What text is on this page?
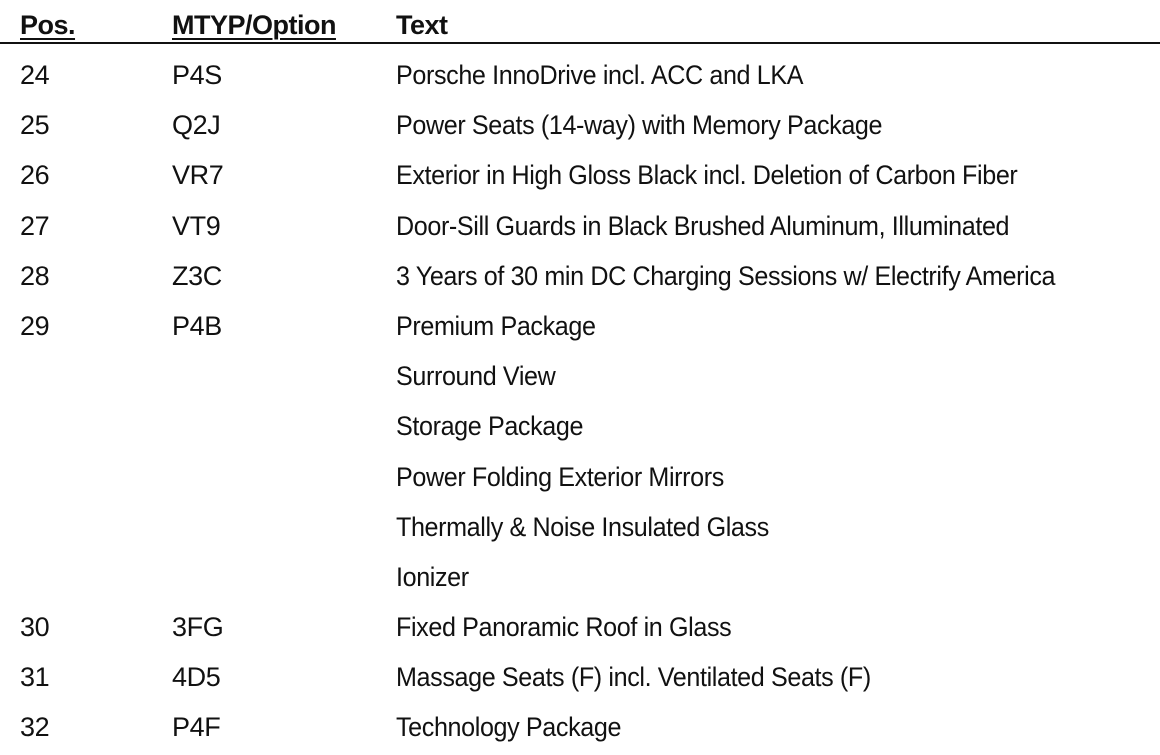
Pos.	MTYP/Option Text
24	P4S	Porsche InnoDrive incl. ACC and LKA
25	Q2J	Power Seats (14-way) with Memory Package
26	VR7	Exterior in High Gloss Black incl. Deletion of Carbon Fiber
27	VT9	Door-Sill Guards in Black Brushed Aluminum, Illuminated
28	Z3C	3 Years of 30 min DC Charging Sessions w/ Electrify America
29	P4B	Premium Package
Surround View
Storage Package
Power Folding Exterior Mirrors
Thermally & Noise Insulated Glass
Ionizer
30	3FG	Fixed Panoramic Roof in Glass
31	4D5	Massage Seats (F) incl. Ventilated Seats (F)
32	P4F	Technology Package
